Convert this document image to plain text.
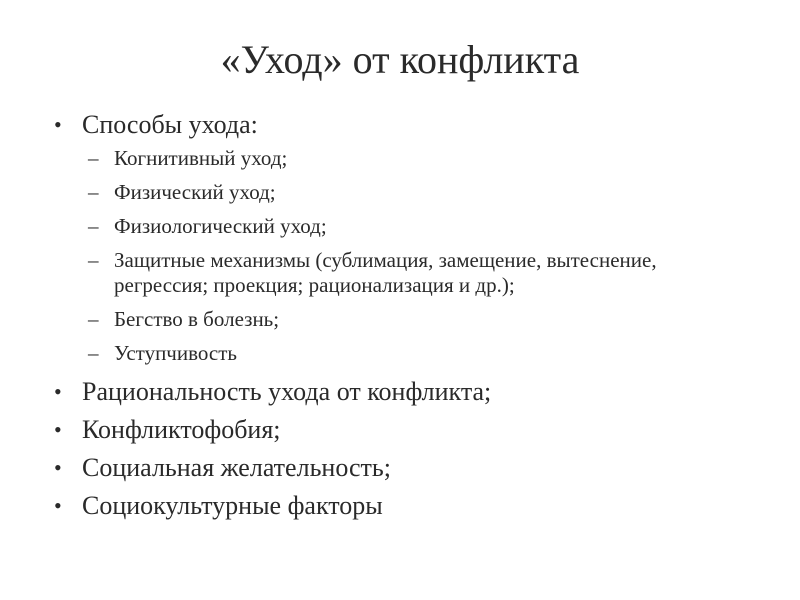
«Уход» от конфликта
• Способы ухода:
– Когнитивный уход;
– Физический уход;
– Физиологический уход;
– Защитные механизмы (сублимация, замещение, вытеснение, регрессия; проекция; рационализация и др.);
– Бегство в болезнь;
– Уступчивость
• Рациональность ухода от конфликта;
• Конфликтофобия;
• Социальная желательность;
• Социокультурные факторы
